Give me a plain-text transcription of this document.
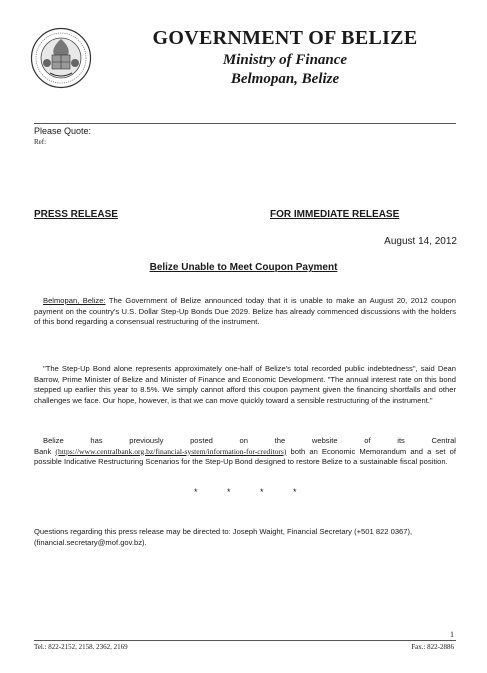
GOVERNMENT OF BELIZE
Ministry of Finance
Belmopan, Belize
Please Quote:
Ref:
PRESS RELEASE	FOR IMMEDIATE RELEASE
August 14, 2012
Belize Unable to Meet Coupon Payment
Belmopan, Belize: The Government of Belize announced today that it is unable to make an August 20, 2012 coupon payment on the country's U.S. Dollar Step-Up Bonds Due 2029. Belize has already commenced discussions with the holders of this bond regarding a consensual restructuring of the instrument.
"The Step-Up Bond alone represents approximately one-half of Belize's total recorded public indebtedness", said Dean Barrow, Prime Minister of Belize and Minister of Finance and Economic Development. "The annual interest rate on this bond stepped up earlier this year to 8.5%. We simply cannot afford this coupon payment given the financing shortfalls and other challenges we face. Our hope, however, is that we can move quickly toward a sensible restructuring of the instrument."
Belize has previously posted on the website of its Central Bank (https://www.centralbank.org.bz/financial-system/information-for-creditors) both an Economic Memorandum and a set of possible Indicative Restructuring Scenarios for the Step-Up Bond designed to restore Belize to a sustainable fiscal position.
*	*	*	*
Questions regarding this press release may be directed to: Joseph Waight, Financial Secretary (+501 822 0367), (financial.secretary@mof.gov.bz).
1
Tel.: 822-2152, 2158. 2362, 2169	Fax.: 822-2886
